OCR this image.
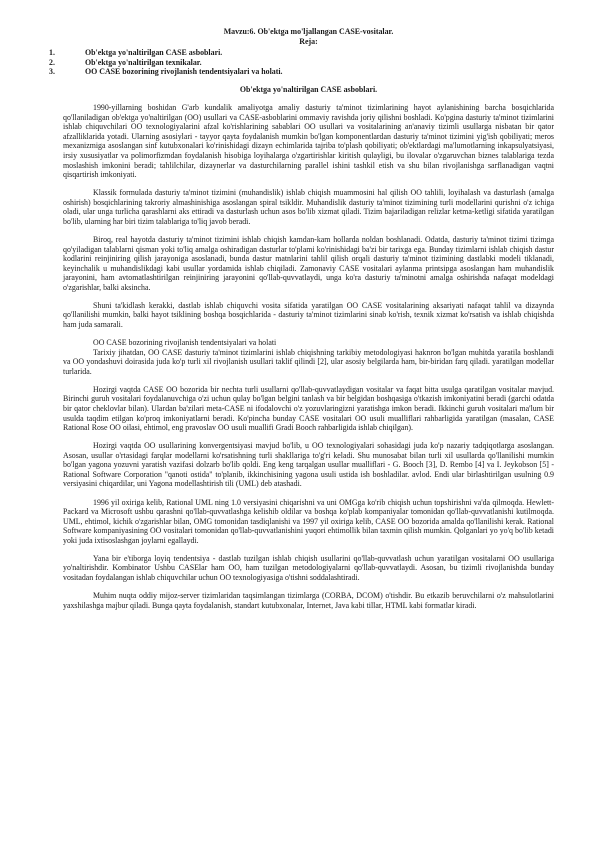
Mavzu:6. Ob'ektga mo'ljallangan CASE-vositalar.
Reja:
1.	Ob'ektga yo'naltirilgan CASE asboblari.
2.	Ob'ektga yo'naltirilgan texnikalar.
3.	OO CASE bozorining rivojlanish tendentsiyalari va holati.
Ob'ektga yo'naltirilgan CASE asboblari.

1990-yillarning boshidan G'arb kundalik amaliyotga amaliy dasturiy ta'minot tizimlarining hayot aylanishining barcha bosqichlarida qo'llaniladigan ob'ektga yo'naltirilgan (OO) usullari va CASE-asboblarini ommaviy ravishda joriy qilishni boshladi. Ko'pgina dasturiy ta'minot tizimlarini ishlab chiquvchilari OO texnologiyalarini afzal ko'rishlarining sabablari OO usullari va vositalarining an'anaviy tizimli usullarga nisbatan bir qator afzalliklarida yotadi. Ularning asosiylari - tayyor qayta foydalanish mumkin bo'lgan komponentlardan dasturiy ta'minot tizimini yig'ish qobiliyati; meros mexanizmiga asoslangan sinf kutubxonalari ko'rinishidagi dizayn echimlarida tajriba to'plash qobiliyati; ob'ektlardagi ma'lumotlarning inkapsulyatsiyasi, irsiy xususiyatlar va polimorfizmdan foydalanish hisobiga loyihalarga o'zgartirishlar kiritish qulayligi, bu ilovalar o'zgaruvchan biznes talablariga tezda moslashish imkonini beradi; tahlilchilar, dizaynerlar va dasturchilarning parallel ishini tashkil etish va shu bilan rivojlanishga sarflanadigan vaqtni qisqartirish imkoniyati.

Klassik formulada dasturiy ta'minot tizimini (muhandislik) ishlab chiqish muammosini hal qilish OO tahlili, loyihalash va dasturlash (amalga oshirish) bosqichlarining takroriy almashinishiga asoslangan spiral tsikldir. Muhandislik dasturiy ta'minot tizimining turli modellarini qurishni o'z ichiga oladi, ular unga turlicha qarashlarni aks ettiradi va dasturlash uchun asos bo'lib xizmat qiladi. Tizim bajariladigan relizlar ketma-ketligi sifatida yaratilgan bo'lib, ularning har biri tizim talablariga to'liq javob beradi.

Biroq, real hayotda dasturiy ta'minot tizimini ishlab chiqish kamdan-kam hollarda noldan boshlanadi. Odatda, dasturiy ta'minot tizimi tizimga qo'yiladigan talablarni qisman yoki to'liq amalga oshiradigan dasturlar to'plami ko'rinishidagi ba'zi bir tarixga ega. Bunday tizimlarni ishlab chiqish dastur kodlarini reinjiniring qilish jarayoniga asoslanadi, bunda dastur matnlarini tahlil qilish orqali dasturiy ta'minot tizimining dastlabki modeli tiklanadi, keyinchalik u muhandislikdagi kabi usullar yordamida ishlab chiqiladi. Zamonaviy CASE vositalari aylanma printsipga asoslangan ham muhandislik jarayonini, ham avtomatlashtirilgan reinjiniring jarayonini qo'llab-quvvatlaydi, unga ko'ra dasturiy ta'minotni amalga oshirishda nafaqat modeldagi o'zgarishlar, balki aksincha.

Shuni ta'kidlash kerakki, dastlab ishlab chiquvchi vosita sifatida yaratilgan OO CASE vositalarining aksariyati nafaqat tahlil va dizaynda qo'llanilishi mumkin, balki hayot tsiklining boshqa bosqichlarida - dasturiy ta'minot tizimlarini sinab ko'rish, texnik xizmat ko'rsatish va ishlab chiqishda ham juda samarali.

OO CASE bozorining rivojlanish tendentsiyalari va holati

Tarixiy jihatdan, OO CASE dasturiy ta'minot tizimlarini ishlab chiqishning tarkibiy metodologiyasi haknron bo'lgan muhitda yaratila boshlandi va OO yondashuvi doirasida juda ko'p turli xil rivojlanish usullari taklif qilindi [2], ular asosiy belgilarda ham, bir-biridan farq qiladi. yaratilgan modellar turlarida.

Hozirgi vaqtda CASE OO bozorida bir nechta turli usullarni qo'llab-quvvatlaydigan vositalar va faqat bitta usulga qaratilgan vositalar mavjud. Birinchi guruh vositalari foydalanuvchiga o'zi uchun qulay bo'lgan belgini tanlash va bir belgidan boshqasiga o'tkazish imkoniyatini beradi (garchi odatda bir qator cheklovlar bilan). Ulardan ba'zilari meta-CASE ni ifodalovchi o'z yozuvlaringizni yaratishga imkon beradi. Ikkinchi guruh vositalari ma'lum bir usulda taqdim etilgan ko'proq imkoniyatlarni beradi. Ko'pincha bunday CASE vositalari OO usuli mualliflari rahbarligida yaratilgan (masalan, CASE Rational Rose OO oilasi, ehtimol, eng pravoslav OO usuli muallifi Gradi Booch rahbarligida ishlab chiqilgan).

Hozirgi vaqtda OO usullarining konvergentsiyasi mavjud bo'lib, u OO texnologiyalari sohasidagi juda ko'p nazariy tadqiqotlarga asoslangan. Asosan, usullar o'rtasidagi farqlar modellarni ko'rsatishning turli shakllariga to'g'ri keladi. Shu munosabat bilan turli xil usullarda qo'llanilishi mumkin bo'lgan yagona yozuvni yaratish vazifasi dolzarb bo'lib qoldi. Eng keng tarqalgan usullar mualliflari - G. Booch [3], D. Rembo [4] va I. Jeykobson [5] - Rational Software Corporation "qanoti ostida" to'planib, ikkinchisining yagona usuli ustida ish boshladilar. avlod. Endi ular birlashtirilgan usulning 0.9 versiyasini chiqardilar, uni Yagona modellashtirish tili (UML) deb atashadi.

1996 yil oxiriga kelib, Rational UML ning 1.0 versiyasini chiqarishni va uni OMGga ko'rib chiqish uchun topshirishni va'da qilmoqda. Hewlett-Packard va Microsoft ushbu qarashni qo'llab-quvvatlashga kelishib oldilar va boshqa ko'plab kompaniyalar tomonidan qo'llab-quvvatlanishi kutilmoqda. UML, ehtimol, kichik o'zgarishlar bilan, OMG tomonidan tasdiqlanishi va 1997 yil oxiriga kelib, CASE OO bozorida amalda qo'llanilishi kerak. Rational Software kompaniyasining OO vositalari tomonidan qo'llab-quvvatlanishini yuqori ehtimollik bilan taxmin qilish mumkin. Qolganlari yo yo'q bo'lib ketadi yoki juda ixtisoslashgan joylarni egallaydi.

Yana bir e'tiborga loyiq tendentsiya - dastlab tuzilgan ishlab chiqish usullarini qo'llab-quvvatlash uchun yaratilgan vositalarni OO usullariga yo'naltirishdir. Kombinator Ushbu CASElar ham OO, ham tuzilgan metodologiyalarni qo'llab-quvvatlaydi. Asosan, bu tizimli rivojlanishda bunday vositadan foydalangan ishlab chiquvchilar uchun OO texnologiyasiga o'tishni soddalashtiradi.

Muhim nuqta oddiy mijoz-server tizimlaridan taqsimlangan tizimlarga (CORBA, DCOM) o'tishdir. Bu etkazib beruvchilarni o'z mahsulotlarini yaxshilashga majbur qiladi. Bunga qayta foydalanish, standart kutubxonalar, Internet, Java kabi tillar, HTML kabi formatlar kiradi.
